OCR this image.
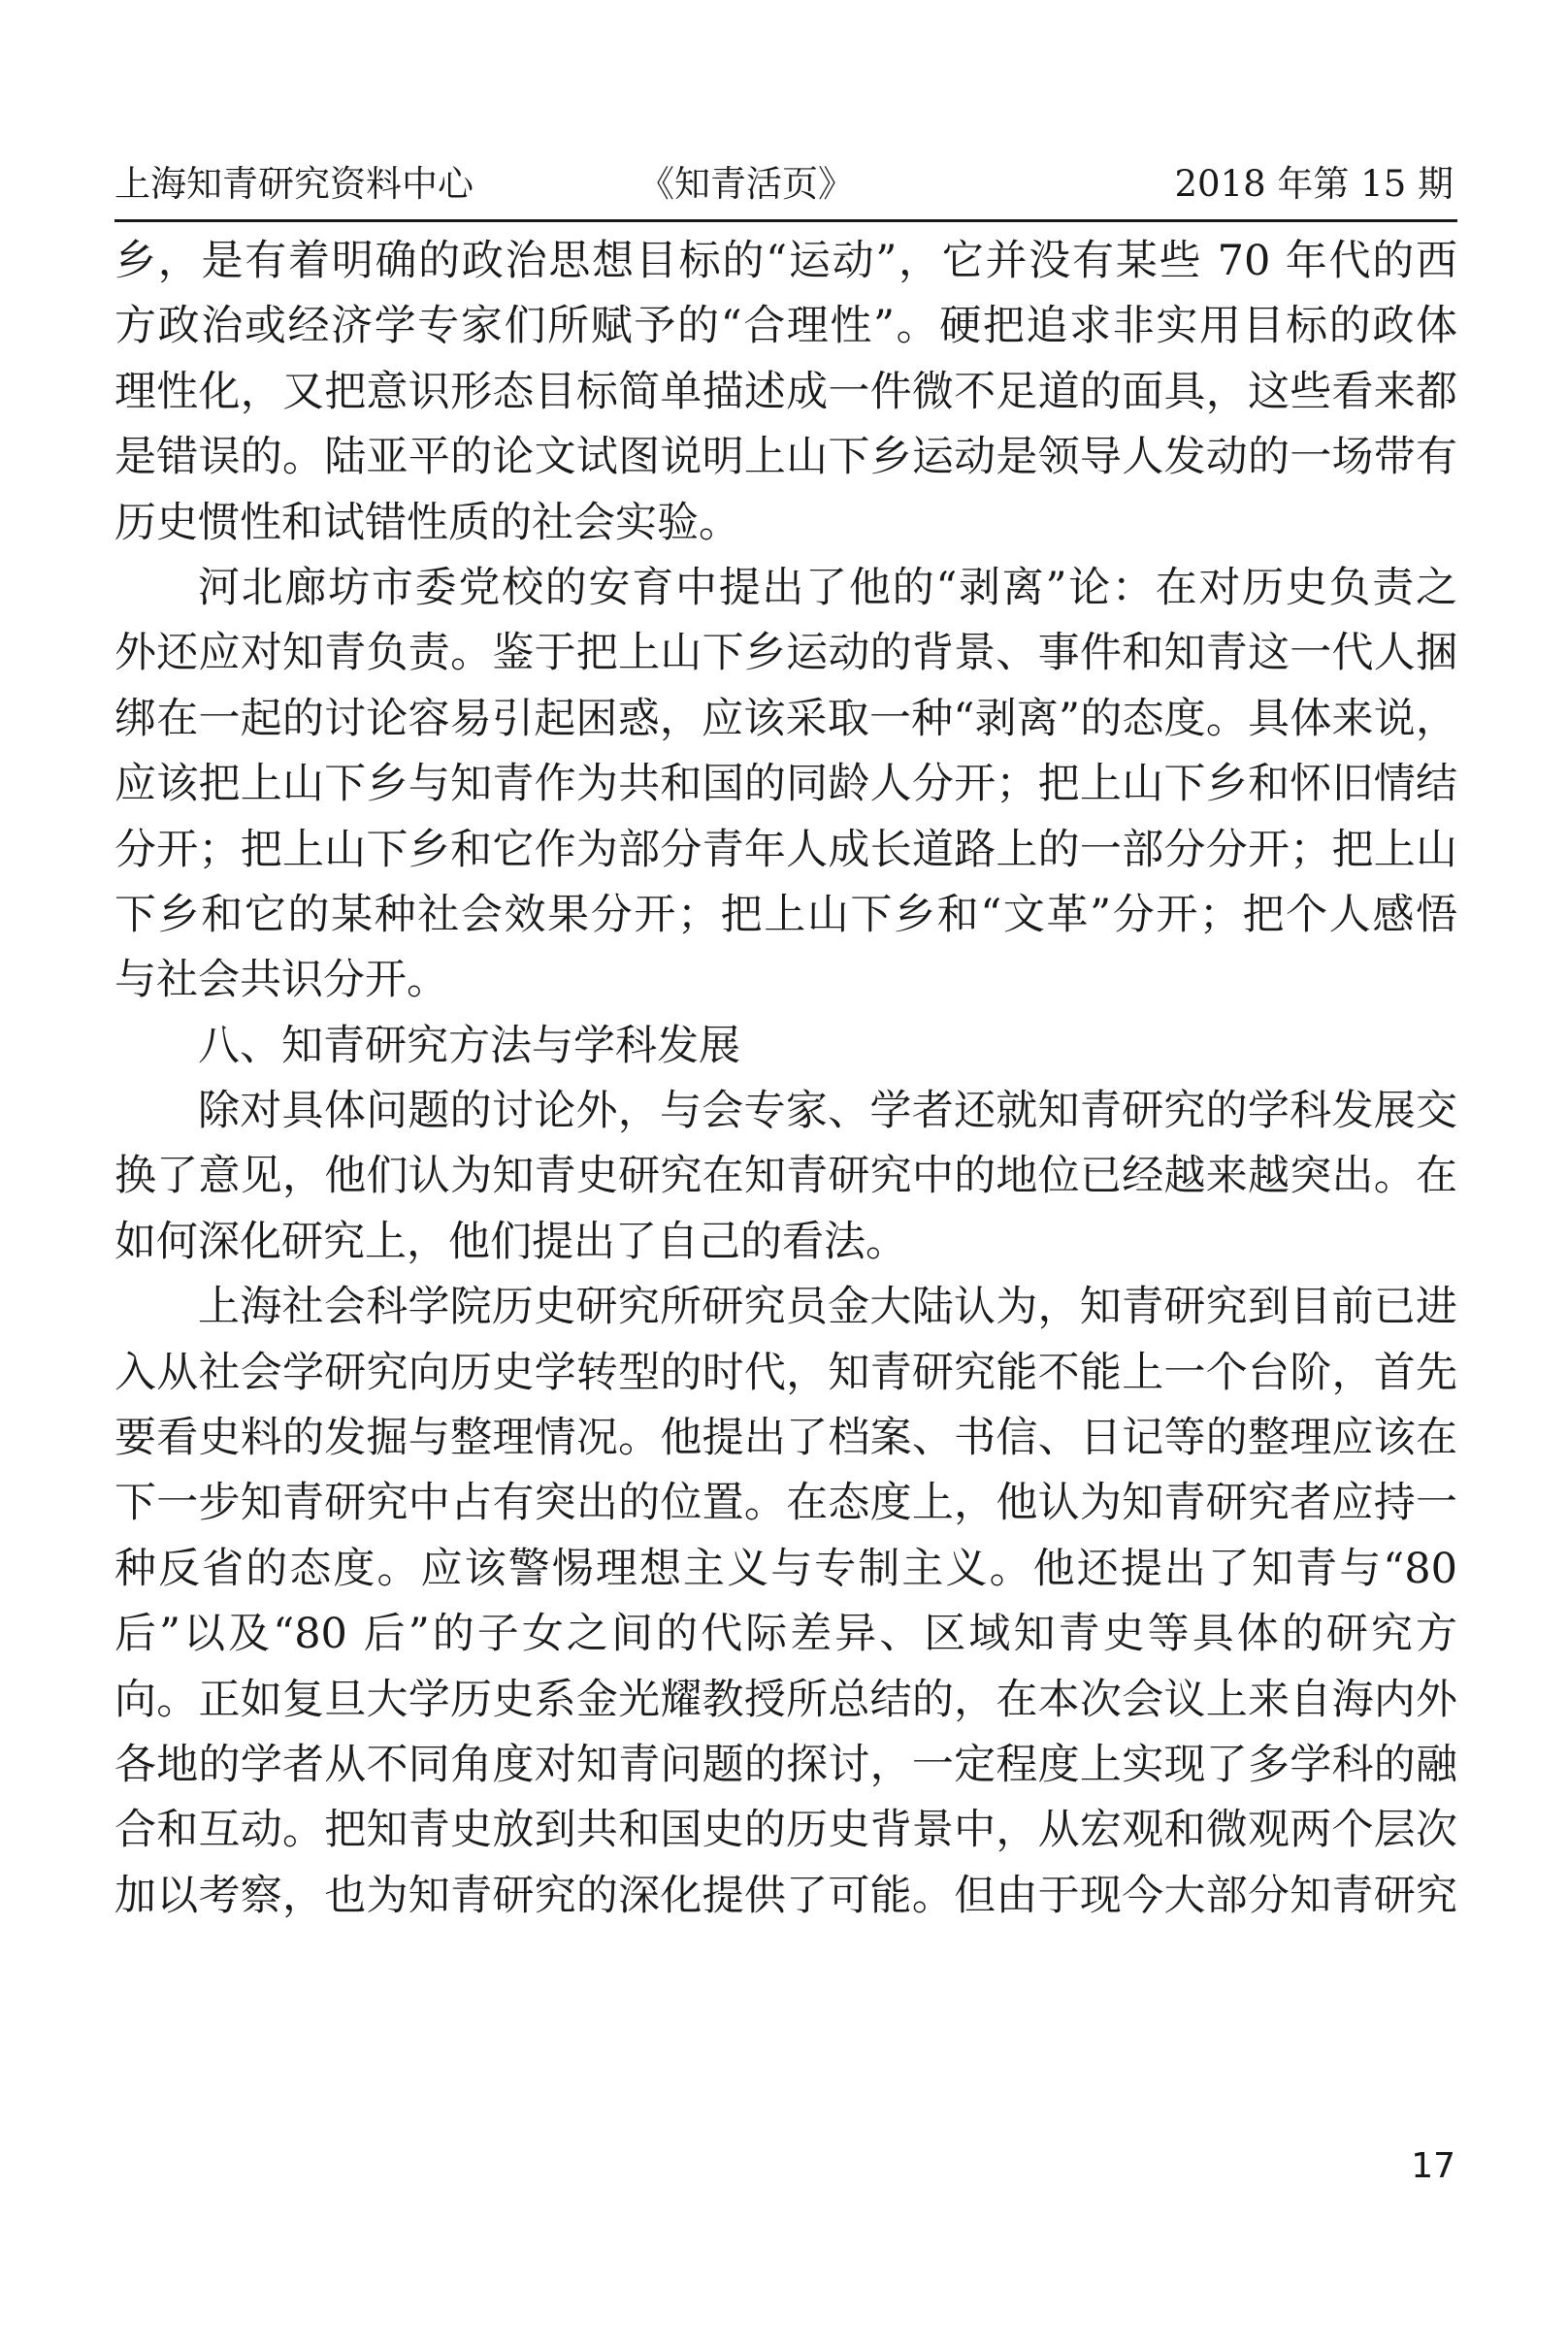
上海知青研究资料中心	《知青活页》	2018 年第 15 期
乡，是有着明确的政治思想目标的“运动”，它并没有某些 70 年代的西
方政治或经济学专家们所赋予的“合理性”。硬把追求非实用目标的政体
理性化，又把意识形态目标简单描述成一件微不足道的面具，这些看来都
是错误的。陆亚平的论文试图说明上山下乡运动是领导人发动的一场带有
历史惯性和试错性质的社会实验。
河北廊坊市委党校的安育中提出了他的“剥离”论：在对历史负责之
外还应对知青负责。鉴于把上山下乡运动的背景、事件和知青这一代人捆
绑在一起的讨论容易引起困惑，应该采取一种“剥离”的态度。具体来说，
应该把上山下乡与知青作为共和国的同龄人分开；把上山下乡和怀旧情结
分开；把上山下乡和它作为部分青年人成长道路上的一部分分开；把上山
下乡和它的某种社会效果分开；把上山下乡和“文革”分开；把个人感悟
与社会共识分开。
八、知青研究方法与学科发展
除对具体问题的讨论外，与会专家、学者还就知青研究的学科发展交
换了意见，他们认为知青史研究在知青研究中的地位已经越来越突出。在
如何深化研究上，他们提出了自己的看法。
上海社会科学院历史研究所研究员金大陆认为，知青研究到目前已进
入从社会学研究向历史学转型的时代，知青研究能不能上一个台阶，首先
要看史料的发掘与整理情况。他提出了档案、书信、日记等的整理应该在
下一步知青研究中占有突出的位置。在态度上，他认为知青研究者应持一
种反省的态度。应该警惕理想主义与专制主义。他还提出了知青与“80
后”以及“80 后”的子女之间的代际差异、区域知青史等具体的研究方
向。正如复旦大学历史系金光耀教授所总结的，在本次会议上来自海内外
各地的学者从不同角度对知青问题的探讨，一定程度上实现了多学科的融
合和互动。把知青史放到共和国史的历史背景中，从宏观和微观两个层次
加以考察，也为知青研究的深化提供了可能。但由于现今大部分知青研究
17
